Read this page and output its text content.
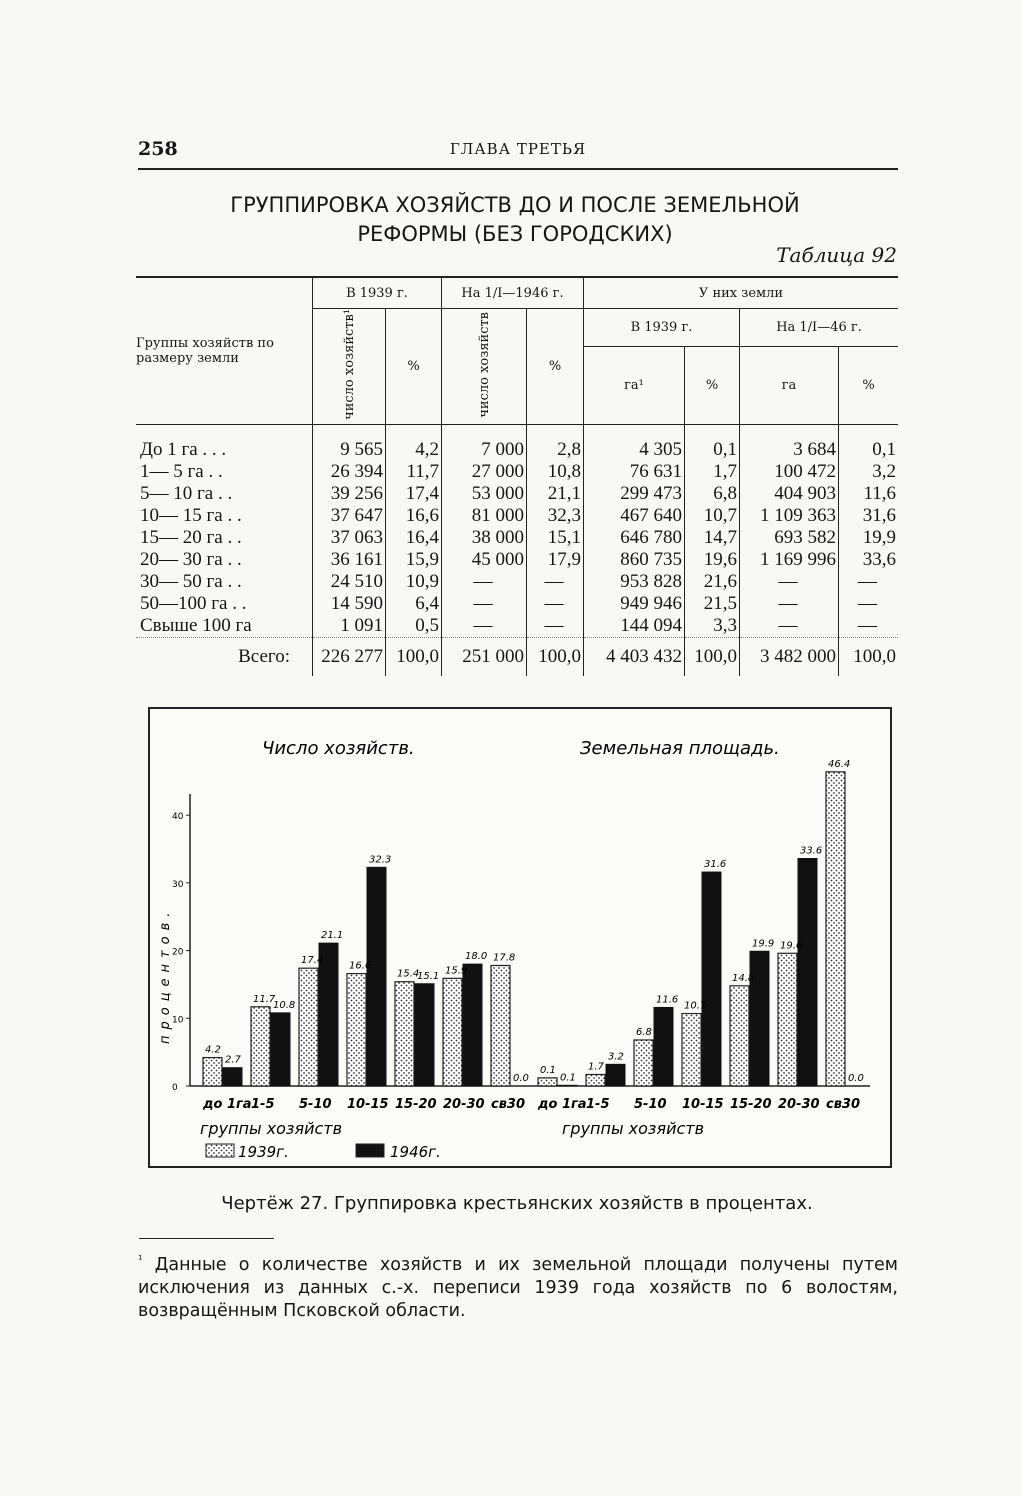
258	ГЛАВА ТРЕТЬЯ
ГРУППИРОВКА ХОЗЯЙСТВ ДО И ПОСЛЕ ЗЕМЕЛЬНОЙ
РЕФОРМЫ (БЕЗ ГОРОДСКИХ)
Таблица 92
Группы хозяйств по размеру земли	В 1939 г.		На 1/I—1946 г.		У них земли			
	число хозяйств¹	%	число хозяйств	%	В 1939 г.		На 1/I—46 г.	
					га¹	%	га	%
До 1 га . . .	9 565	4,2	7 000	2,8	4 305	0,1	3 684	0,1
1— 5 га . .	26 394	11,7	27 000	10,8	76 631	1,7	100 472	3,2
5— 10 га . .	39 256	17,4	53 000	21,1	299 473	6,8	404 903	11,6
10— 15 га . .	37 647	16,6	81 000	32,3	467 640	10,7	1 109 363	31,6
15— 20 га . .	37 063	16,4	38 000	15,1	646 780	14,7	693 582	19,9
20— 30 га . .	36 161	15,9	45 000	17,9	860 735	19,6	1 169 996	33,6
30— 50 га . .	24 510	10,9	—	—	953 828	21,6	—	—
50—100 га . .	14 590	6,4	—	—	949 946	21,5	—	—
Свыше 100 га	1 091	0,5	—	—	144 094	3,3	—	—
Всего:	226 277	100,0	251 000	100,0	4 403 432	100,0	3 482 000	100,0
Число хозяйств.	Земельная площадь.
процентов.
0
10
20
30
40
4.2
2.7
11.7
10.8
17.4
21.1
16.6
32.3
15.4
15.1 15.9
18.0 17.8
0.0
0.1
0.1
1.7
3.2
6.8
11.6
10.7
31.6
14.8
19.9 19.6
33.6
46.4
0.0
до 1га 1-5 5-10 10-15 15-20 20-30 св30 до 1га 1-5 5-10 10-15 15-20 20-30 св30
группы хозяйств	группы хозяйств
1939г.	1946г.
Чертёж 27. Группировка крестьянских хозяйств в процентах.
$^{^1}$ Данные о количестве хозяйств и их земельной площади получены путем исключения из данных с.-х. переписи 1939 года хозяйств по 6 волостям, возвращённым Псковской области.
